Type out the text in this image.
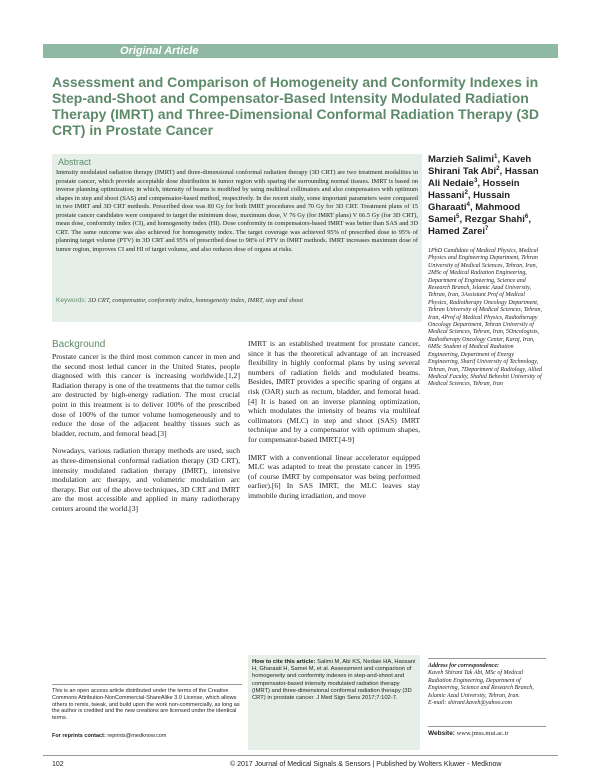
Original Article
Assessment and Comparison of Homogeneity and Conformity Indexes in Step-and-Shoot and Compensator-Based Intensity Modulated Radiation Therapy (IMRT) and Three-Dimensional Conformal Radiation Therapy (3D CRT) in Prostate Cancer
Abstract
Intensity modulated radiation therapy (IMRT) and three-dimensional conformal radiation therapy (3D CRT) are two treatment modalities in prostate cancer, which provide acceptable dose distribution in tumor region with sparing the surrounding normal tissues. IMRT is based on inverse planning optimization; in which, intensity of beams is modified by using multileaf collimators and also compensators with optimum shapes in step and shoot (SAS) and compensator-based method, respectively. In the recent study, some important parameters were compared in two IMRT and 3D CRT methods. Prescribed dose was 80 Gy for both IMRT procedures and 70 Gy for 3D CRT. Treatment plans of 15 prostate cancer candidates were compared to target the minimum dose, maximum dose, V 76 Gy (for IMRT plans) V 66.5 Gy (for 3D CRT), mean dose, conformity index (CI), and homogeneity index (HI). Dose conformity in compensators-based IMRT was better than SAS and 3D CRT. The same outcome was also achieved for homogeneity index. The target coverage was achieved 95% of prescribed dose to 95% of planning target volume (PTV) in 3D CRT and 95% of prescribed dose to 98% of PTV in IMRT methods. IMRT increases maximum dose of tumor region, improves CI and HI of target volume, and also reduces dose of organs at risks.
Keywords: 3D CRT, compensator, conformity index, homogeneity index, IMRT, step and shoot
Marzieh Salimi$^1$, Kaveh Shirani Tak Abi$^2$, Hassan Ali Nedaie$^3$, Hossein Hassani$^2$, Hussain Gharaati$^4$, Mahmood Samei$^5$, Rezgar Shahi$^6$, Hamed Zarei$^7$
1PhD Candidate of Medical Physics, Medical Physics and Engineering Department, Tehran University of Medical Sciences, Tehran, Iran, 2MSc of Medical Radiation Engineering, Department of Engineering, Science and Research Branch, Islamic Azad University, Tehran, Iran, 3Assistant Prof of Medical Physics, Radiotherapy Oncology Department, Tehran University of Medical Sciences, Tehran, Iran, 4Prof of Medical Physics, Radiotherapy Oncology Department, Tehran University of Medical Sciences, Tehran, Iran, 5Oncologists, Radiotherapy Oncology Center, Karaj, Iran, 6MSc Student of Medical Radiation Engineering, Department of Energy Engineering, Sharif University of Technology, Tehran, Iran, 7Department of Radiology, Allied Medical Faculty, Shahid Beheshti University of Medical Sciences, Tehran, Iran
Address for correspondence:
Kaveh Shirani Tak Abi, MSc of Medical Radiation Engineering, Department of Engineering, Science and Research Branch, Islamic Azad University, Tehran, Iran.
E-mail: shirani.kaveh@yahoo.com
Website: www.jmss.mui.ac.ir
Background

Prostate cancer is the third most common cancer in men and the second most lethal cancer in the United States, people diagnosed with this cancer is increasing worldwide.[1,2] Radiation therapy is one of the treatments that the tumor cells are destructed by high-energy radiation. The most crucial point in this treatment is to deliver 100% of the prescribed dose of 100% of the tumor volume homogeneously and to reduce the dose of the adjacent healthy tissues such as bladder, rectum, and femoral head.[3]

Nowadays, various radiation therapy methods are used, such as three-dimensional conformal radiation therapy (3D CRT), intensity modulated radiation therapy (IMRT), intensive modulation arc therapy, and volumetric modulation arc therapy. But out of the above techniques, 3D CRT and IMRT are the most accessible and applied in many radiotherapy centers around the world.[3]

IMRT is an established treatment for prostate cancer, since it has the theoretical advantage of an increased flexibility in highly conformal plans by using several numbers of radiation fields and modulated beams. Besides, IMRT provides a specific sparing of organs at risk (OAR) such as rectum, bladder, and femoral head.[4] It is based on an inverse planning optimization, which modulates the intensity of beams via multileaf collimators (MLC) in step and shoot (SAS) IMRT technique and by a compensator with optimum shapes, for compensator-based IMRT.[4-9]

IMRT with a conventional linear accelerator equipped MLC was adapted to treat the prostate cancer in 1995 (of course IMRT by compensator was being performed earlier).[6] In SAS IMRT, the MLC leaves stay immobile during irradiation, and move

How to cite this article: Salimi M, Abi KS, Nedaie HA, Hassani H, Gharaati H, Samei M, et al. Assessment and comparison of homogeneity and conformity indexes in step-and-shoot and compensator-based intensity modulated radiation therapy (IMRT) and three-dimensional conformal radiation therapy (3D CRT) in prostate cancer. J Med Sign Sens 2017;7:102-7.
This is an open access article distributed under the terms of the Creative Commons Attribution-NonCommercial-ShareAlike 3.0 License, which allows others to remix, tweak, and build upon the work non-commercially, as long as the author is credited and the new creations are licensed under the identical terms.
For reprints contact: reprints@medknow.com
102	© 2017 Journal of Medical Signals & Sensors | Published by Wolters Kluwer - Medknow
